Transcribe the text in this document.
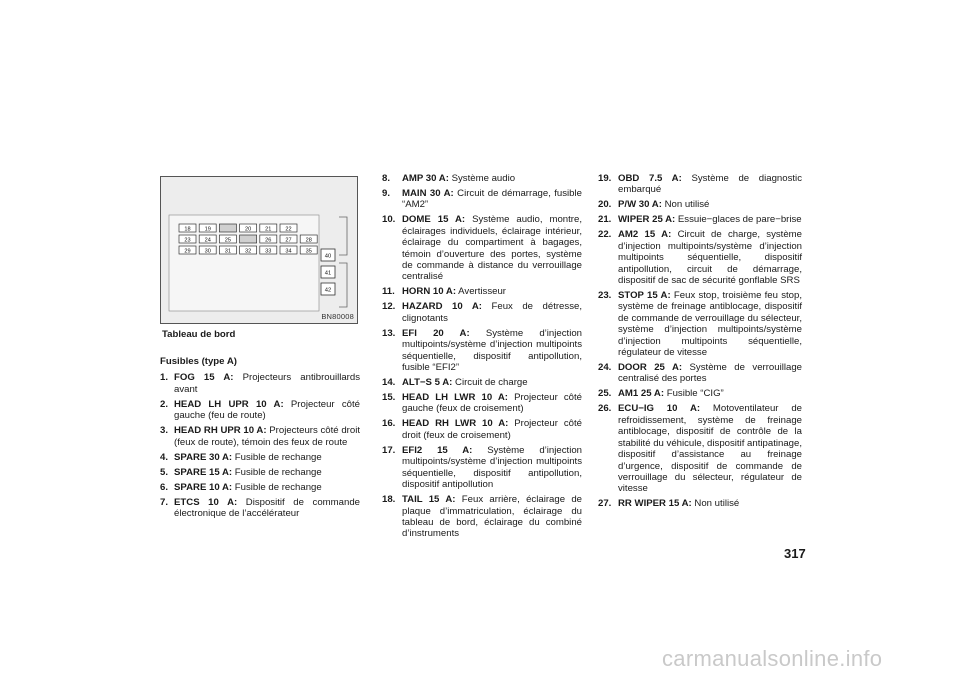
18 19	20 21 22
23 24 25	26 27 28
29 30 31 32 33 34 35
40
41
42
BN80008
Tableau de bord
Fusibles (type A)
1. FOG 15 A: Projecteurs antibrouillards avant
2. HEAD LH UPR 10 A: Projecteur côté gauche (feu de route)
3. HEAD RH UPR 10 A: Projecteurs côté droit (feux de route), témoin des feux de route
4. SPARE 30 A: Fusible de rechange
5. SPARE 15 A: Fusible de rechange
6. SPARE 10 A: Fusible de rechange
7. ETCS 10 A: Dispositif de commande électronique de l’accélérateur
8. AMP 30 A: Système audio
9. MAIN 30 A: Circuit de démarrage, fusible “AM2”
10. DOME 15 A: Système audio, montre, éclairages individuels, éclairage intérieur, éclairage du compartiment à bagages, témoin d’ouverture des portes, système de commande à distance du verrouillage centralisé
11. HORN 10 A: Avertisseur
12. HAZARD 10 A: Feux de détresse, clignotants
13. EFI 20 A: Système d’injection multipoints/système d’injection multipoints séquentielle, dispositif antipollution, fusible “EFI2”
14. ALT−S 5 A: Circuit de charge
15. HEAD LH LWR 10 A: Projecteur côté gauche (feux de croisement)
16. HEAD RH LWR 10 A: Projecteur côté droit (feux de croisement)
17. EFI2 15 A: Système d’injection multipoints/système d’injection multipoints séquentielle, dispositif antipollution, dispositif antipollution
18. TAIL 15 A: Feux arrière, éclairage de plaque d’immatriculation, éclairage du tableau de bord, éclairage du combiné d’instruments
19. OBD 7.5 A: Système de diagnostic embarqué
20. P/W 30 A: Non utilisé
21. WIPER 25 A: Essuie−glaces de pare−brise
22. AM2 15 A: Circuit de charge, système d’injection multipoints/système d’injection multipoints séquentielle, dispositif antipollution, circuit de démarrage, dispositif de sac de sécurité gonflable SRS
23. STOP 15 A: Feux stop, troisième feu stop, système de freinage antiblocage, dispositif de commande de verrouillage du sélecteur, système d’injection multipoints/système d’injection multipoints séquentielle, régulateur de vitesse
24. DOOR 25 A: Système de verrouillage centralisé des portes
25. AM1 25 A: Fusible “CIG”
26. ECU−IG 10 A: Motoventilateur de refroidissement, système de freinage antiblocage, dispositif de contrôle de la stabilité du véhicule, dispositif antipatinage, dispositif d’assistance au freinage d’urgence, dispositif de commande de verrouillage du sélecteur, régulateur de vitesse
27. RR WIPER 15 A: Non utilisé
317
carmanualsonline.info
